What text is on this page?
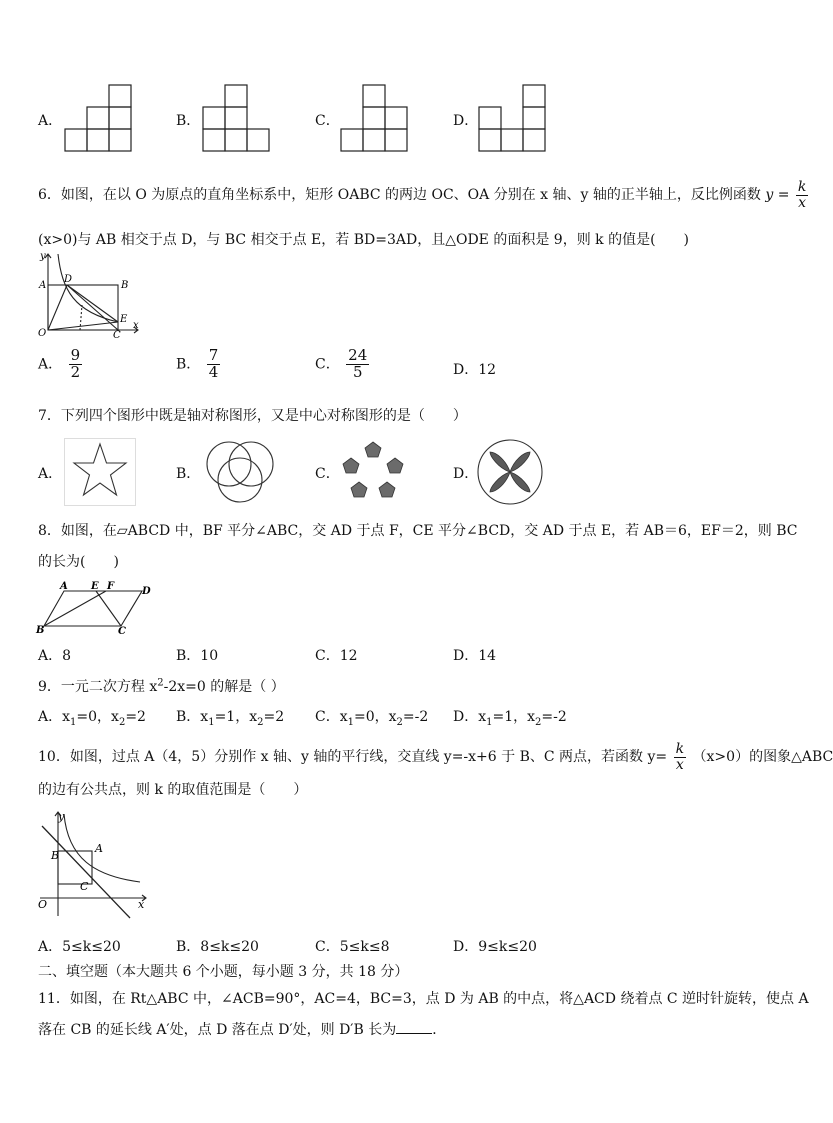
A．	B．	C．	D．
6．如图，在以 O 为原点的直角坐标系中，矩形 OABC 的两边 OC、OA 分别在 x 轴、y 轴的正半轴上，反比例函数 $y = \frac{k}{x}$
(x>0)与 AB 相交于点 D，与 BC 相交于点 E，若 BD=3AD，且△ODE 的面积是 9，则 k 的值是(　　)
y
A
D
B
O	C
E
x
A． $\frac{9}{2}$	B． $\frac{7}{4}$	C． $\frac{24}{5}$	D．12
7．下列四个图形中既是轴对称图形，又是中心对称图形的是（　　）
A．	B．	C．	D．
8．如图，在▱ABCD 中，BF 平分∠ABC，交 AD 于点 F，CE 平分∠BCD，交 AD 于点 E，若 AB＝6，EF＝2，则 BC
的长为(　　)
A E F	D
B	C
A．8	B．10	C．12	D．14
9．一元二次方程 $x^2-2x=0$ 的解是（ ）
A．$x_1=0$，$x_2=2$ B．$x_1=1$，$x_2=2$ C．$x_1=0$，$x_2=-2$ D．$x_1=1$，$x_2=-2$
10．如图，过点 A（4，5）分别作 x 轴、y 轴的平行线，交直线 y=-x+6 于 B、C 两点，若函数 $y= \frac{k}{x} (x>0)$的图象△ABC
的边有公共点，则 k 的取值范围是（　　）
y
B
A
C
O	x
A．5≤k≤20	B．8≤k≤20	C．5≤k≤8	D．9≤k≤20
二、填空题（本大题共 6 个小题，每小题 3 分，共 18 分）
11．如图，在 Rt△ABC 中，∠ACB=90°，AC=4，BC=3，点 D 为 AB 的中点，将△ACD 绕着点 C 逆时针旋转，使点 A
落在 CB 的延长线 A′处，点 D 落在点 D′处，则 D′B 长为	．
